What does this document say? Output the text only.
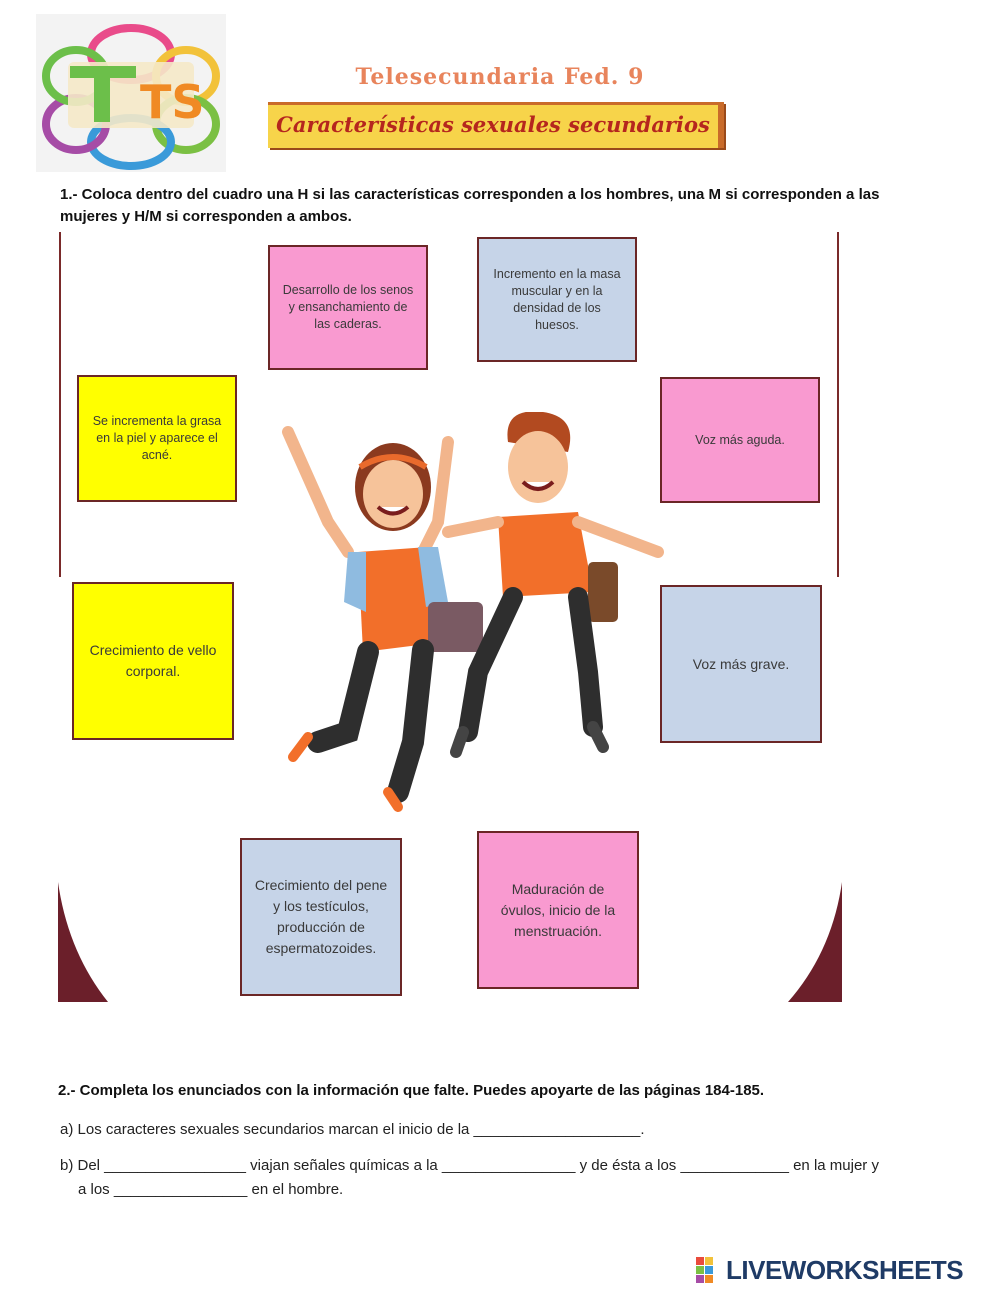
TS	Telesecundaria Fed. 9
Características sexuales secundarios
1.- Coloca dentro del cuadro una H si las características corresponden a los hombres, una M si corresponden a las mujeres y H/M si corresponden a ambos.
Desarrollo de los senos y ensanchamiento de las caderas.
Incremento en la masa muscular y en la densidad de los huesos.
Se incrementa la grasa en la piel y aparece el acné.
Voz más aguda.
Crecimiento de vello corporal.	Voz más grave.
Crecimiento del pene y los testículos, producción de espermatozoides.
Maduración de óvulos, inicio de la menstruación.
2.- Completa los enunciados con la información que falte. Puedes apoyarte de las páginas 184-185.
a) Los caracteres sexuales secundarios marcan el inicio de la ____________________.
b) Del _________________ viajan señales químicas a la ________________ y de ésta a los _____________ en la mujer y
a los ________________ en el hombre.
LIVEWORKSHEETS
